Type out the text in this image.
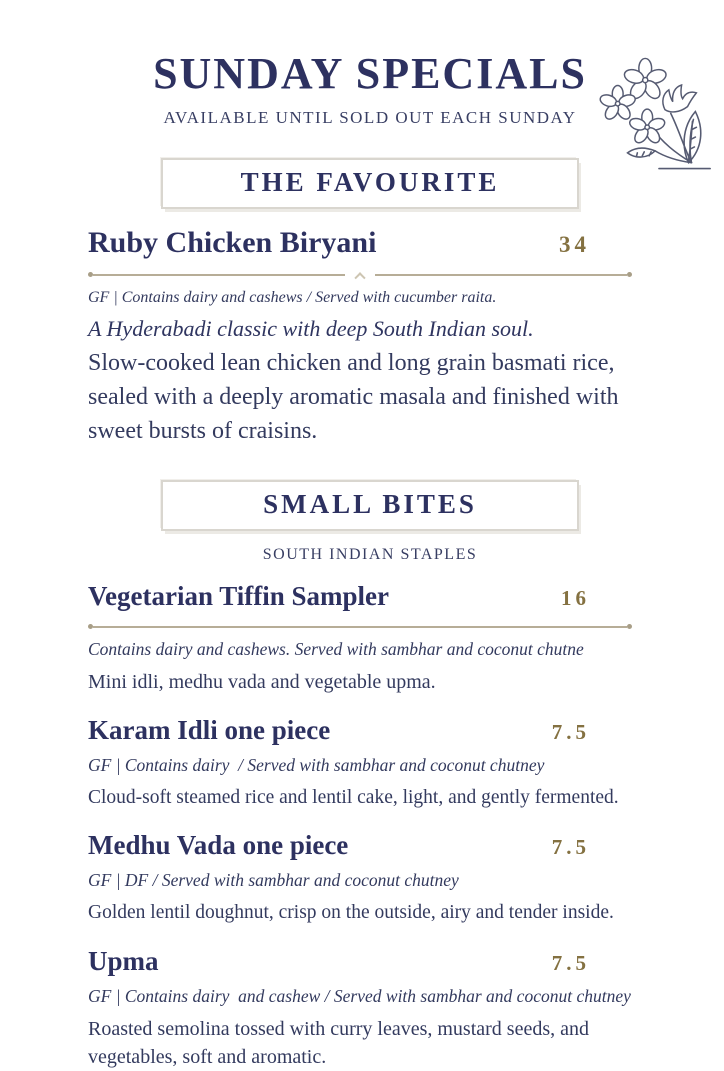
SUNDAY SPECIALS
AVAILABLE UNTIL SOLD OUT EACH SUNDAY
THE FAVOURITE
Ruby Chicken Biryani	34
GF | Contains dairy and cashews / Served with cucumber raita.
A Hyderabadi classic with deep South Indian soul.
Slow-cooked lean chicken and long grain basmati rice, sealed with a deeply aromatic masala and finished with sweet bursts of craisins.
SMALL BITES
SOUTH INDIAN STAPLES
Vegetarian Tiffin Sampler	16
Contains dairy and cashews. Served with sambhar and coconut chutne
Mini idli, medhu vada and vegetable upma.
Karam Idli one piece	7.5
GF | Contains dairy  / Served with sambhar and coconut chutney
Cloud-soft steamed rice and lentil cake, light, and gently fermented.
Medhu Vada one piece	7.5
GF | DF / Served with sambhar and coconut chutney
Golden lentil doughnut, crisp on the outside, airy and tender inside.
Upma	7.5
GF | Contains dairy  and cashew / Served with sambhar and coconut chutney
Roasted semolina tossed with curry leaves, mustard seeds, and vegetables, soft and aromatic.
